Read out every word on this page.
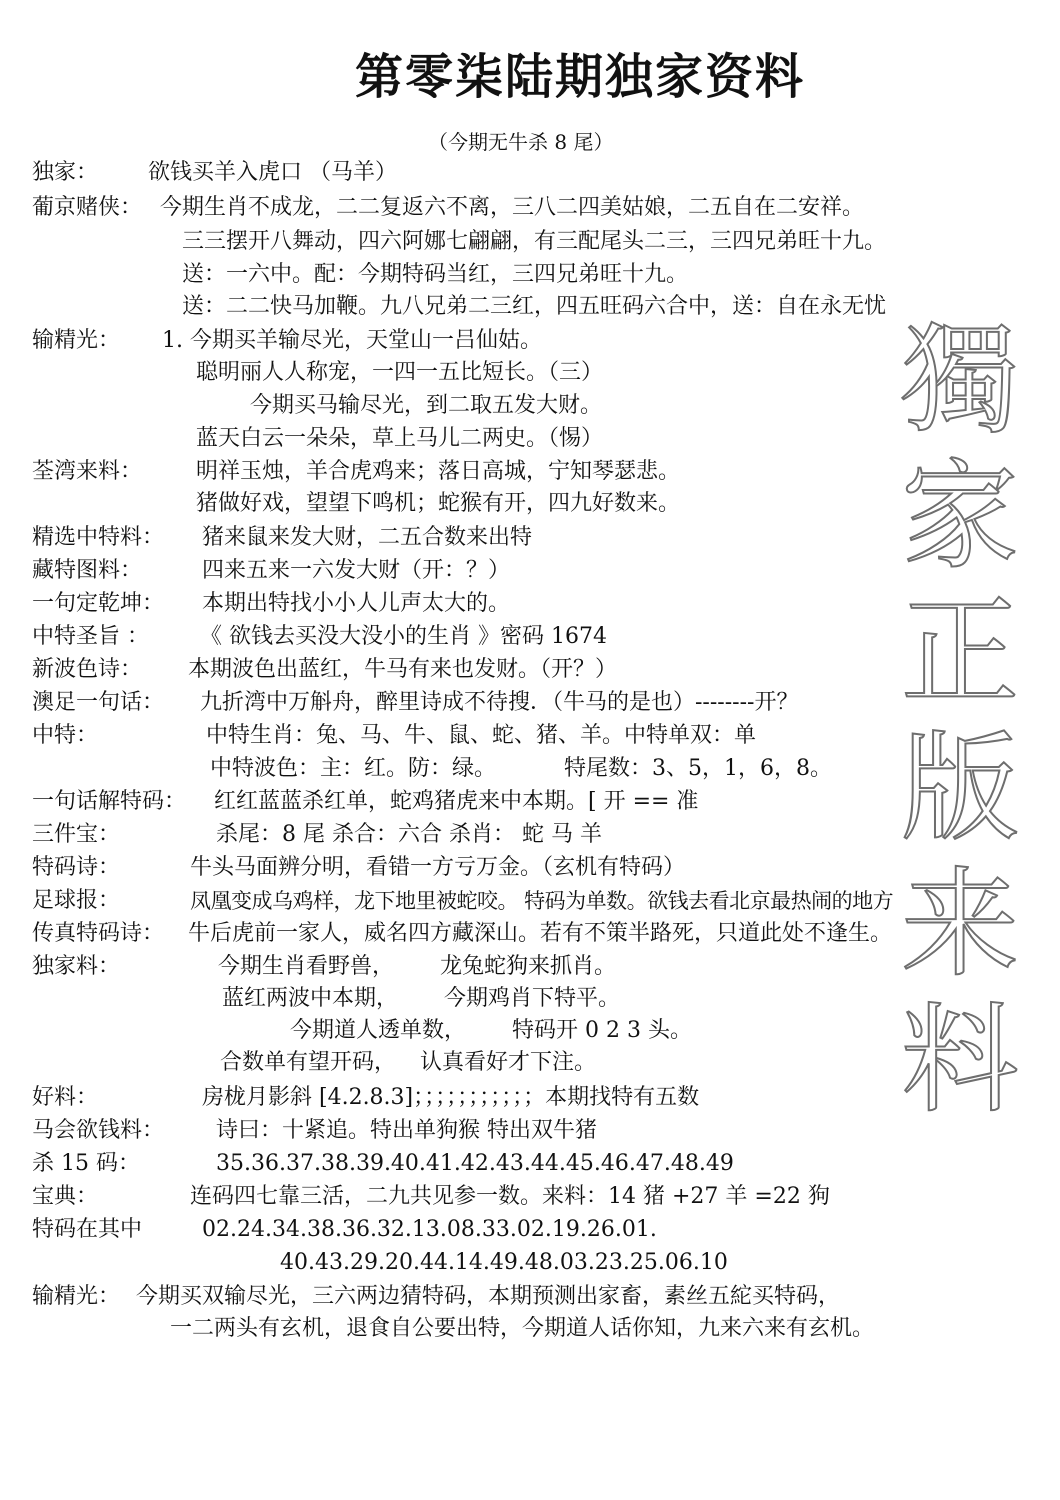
第零柒陆期独家资料
（今期无牛杀 8 尾）
獨
家
正
版
来
料
独家： 欲钱买羊入虎口 （马羊）
葡京赌侠： 今期生肖不成龙，二二复返六不离，三八二四美姑娘，二五自在二安祥。
三三摆开八舞动，四六阿娜七翩翩，有三配尾头二三，三四兄弟旺十九。
送：一六中。配：今期特码当红，三四兄弟旺十九。
送：二二快马加鞭。九八兄弟二三红，四五旺码六合中，送：自在永无忧
输精光： 1. 今期买羊输尽光，天堂山一吕仙姑。
聪明丽人人称宠，一四一五比短长。（三）
今期买马输尽光，到二取五发大财。
蓝天白云一朵朵，草上马儿二两史。（惕）
荃湾来料： 明祥玉烛，羊合虎鸡来；落日高城，宁知琴瑟悲。
猪做好戏，望望下鸣机；蛇猴有开，四九好数来。
精选中特料： 猪来鼠来发大财，二五合数来出特
藏特图料：	四来五来一六发大财（开：？）
一句定乾坤： 本期出特找小小人儿声太大的。
中特圣旨 ： 《 欲钱去买没大没小的生肖 》密码 1674
新波色诗： 本期波色出蓝红，牛马有来也发财。（开？）
澳足一句话： 九折湾中万斛舟，醉里诗成不待搜．（牛马的是也）--------开？
中特：	中特生肖：兔、马、牛、鼠、蛇、猪、羊。中特单双：单
中特波色：主：红。防：绿。	特尾数：3、5，1，6，8。
一句话解特码： 红红蓝蓝杀红单，蛇鸡猪虎来中本期。[ 开 == 准
三件宝：	杀尾：8 尾 杀合：六合 杀肖： 蛇 马 羊
特码诗：	牛头马面辨分明，看错一方亏万金。（玄机有特码）
足球报：	凤凰变成乌鸡样，龙下地里被蛇咬。 特码为单数。欲钱去看北京最热闹的地方
传真特码诗： 牛后虎前一家人，威名四方藏深山。若有不策半路死，只道此处不逢生。
独家料：	今期生肖看野兽， 龙兔蛇狗来抓肖。
蓝红两波中本期， 今期鸡肖下特平。
今期道人透单数， 特码开 0 2 3 头。
合数单有望开码， 认真看好才下注。
好料：	房栊月影斜 [4.2.8.3]；；；；；；；；；；；本期找特有五数
马会欲钱料： 诗曰：十紧追。特出单狗猴 特出双牛猪
杀 15 码：	35.36.37.38.39.40.41.42.43.44.45.46.47.48.49
宝典：	连码四七靠三活，二九共见参一数。来料：14 猪 +27 羊 =22 狗
特码在其中	02.24.34.38.36.32.13.08.33.02.19.26.01.
40.43.29.20.44.14.49.48.03.23.25.06.10
输精光： 今期买双输尽光，三六两边猜特码，本期预测出家畜，素丝五紽买特码，
一二两头有玄机，退食自公要出特，今期道人话你知，九来六来有玄机。
